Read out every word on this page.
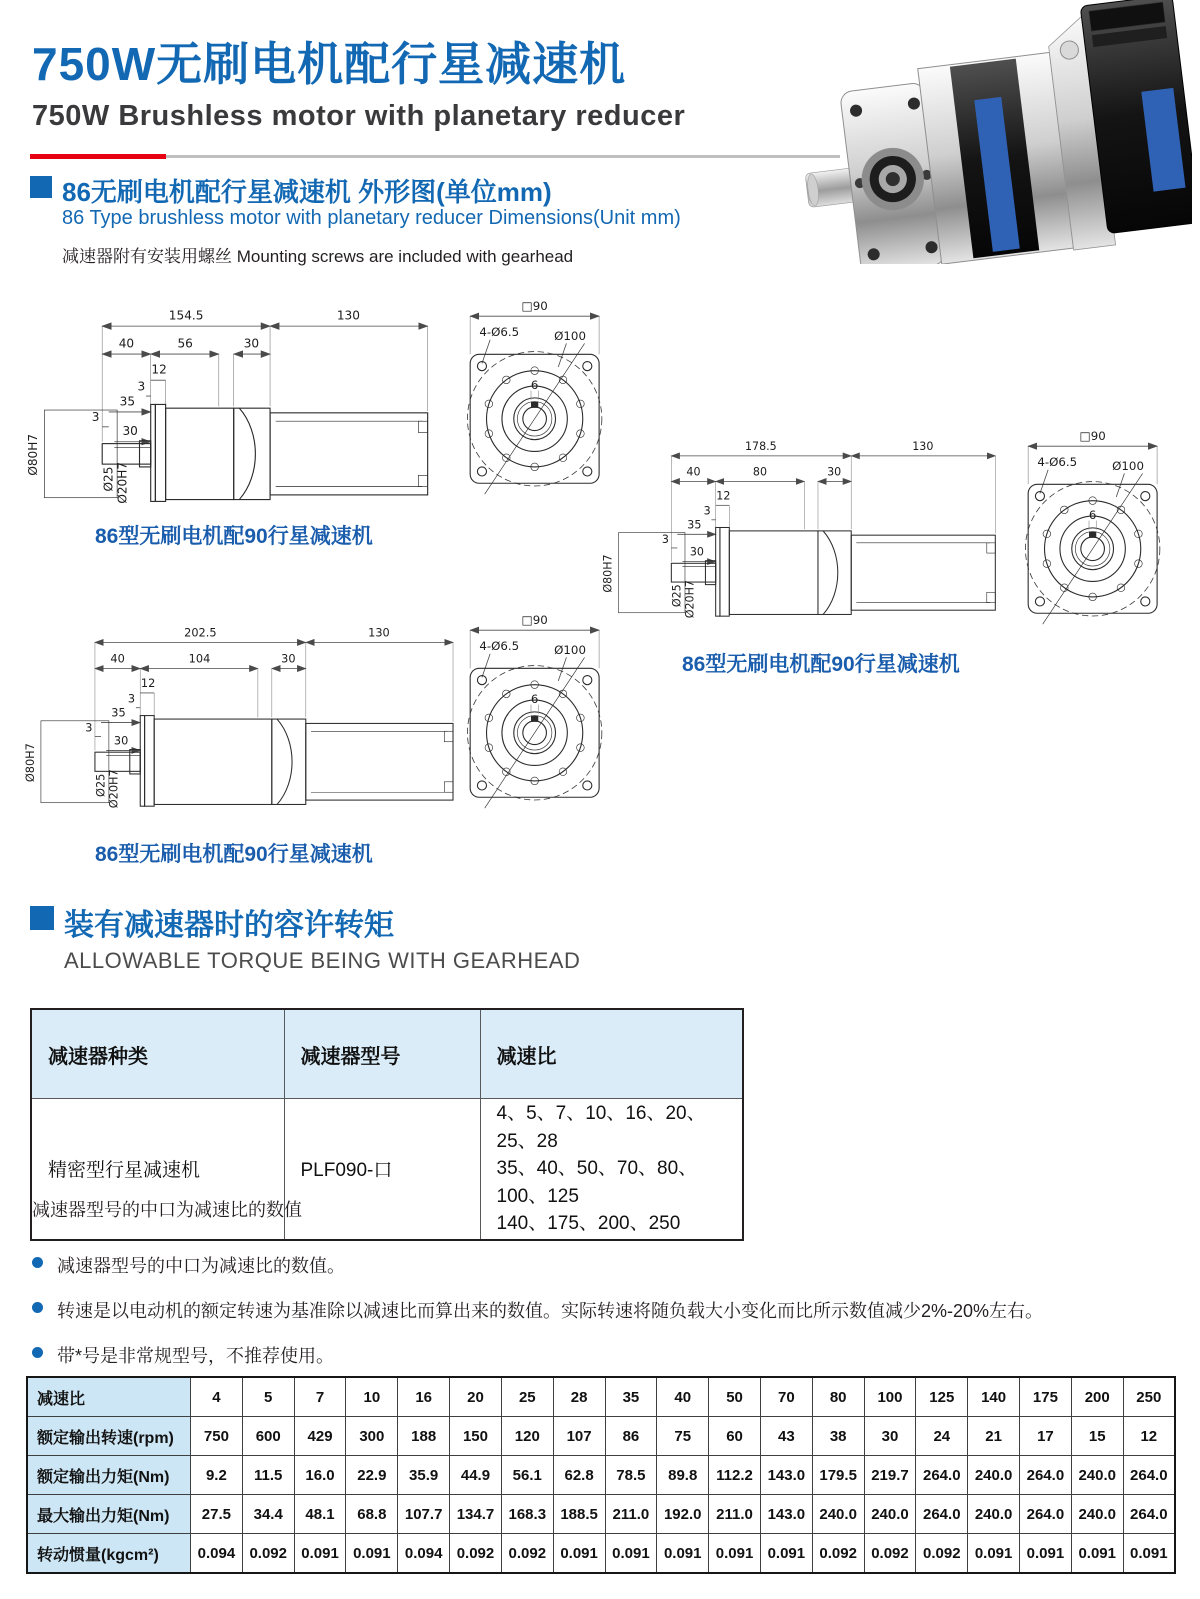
750W无刷电机配行星减速机
750W Brushless motor with planetary reducer
86无刷电机配行星减速机 外形图(单位mm)
86 Type brushless motor with planetary reducer Dimensions(Unit mm)
减速器附有安装用螺丝 Mounting screws are included with gearhead
154.5	130
40	56	30
12
3
35
3
30
Ø80H7
Ø25 Ø20H7
□90
4-Ø6.5	Ø100
6
86型无刷电机配90行星减速机
178.5	130
40	80	30
12
3
35
3
30
Ø80H7
Ø25 Ø20H7
□90
4-Ø6.5	Ø100
6
86型无刷电机配90行星减速机
202.5	130
40	104	30
12
3
35
3
30
Ø80H7
Ø25 Ø20H7
□90
4-Ø6.5	Ø100
6
86型无刷电机配90行星减速机
装有减速器时的容许转矩
ALLOWABLE TORQUE BEING WITH GEARHEAD
减速器种类	减速器型号	减速比
精密型行星减速机	PLF090-口	4、5、7、10、16、20、25、28
35、40、50、70、80、100、125
140、175、200、250
减速器型号的中口为减速比的数值
减速器型号的中口为减速比的数值。
转速是以电动机的额定转速为基准除以减速比而算出来的数值。实际转速将随负载大小变化而比所示数值减少2%-20%左右。
带*号是非常规型号，不推荐使用。
减速比	4	5	7	10	16	20	25	28	35	40	50	70	80	100	125	140	175	200	250
额定输出转速(rpm)	750	600	429	300	188	150	120	107	86	75	60	43	38	30	24	21	17	15	12
额定输出力矩(Nm)	9.2	11.5	16.0	22.9	35.9	44.9	56.1	62.8	78.5	89.8	112.2	143.0	179.5	219.7	264.0	240.0	264.0	240.0	264.0
最大输出力矩(Nm)	27.5	34.4	48.1	68.8	107.7	134.7	168.3	188.5	211.0	192.0	211.0	143.0	240.0	240.0	264.0	240.0	264.0	240.0	264.0
转动惯量(kgcm²)	0.094	0.092	0.091	0.091	0.094	0.092	0.092	0.091	0.091	0.091	0.091	0.091	0.092	0.092	0.092	0.091	0.091	0.091	0.091
